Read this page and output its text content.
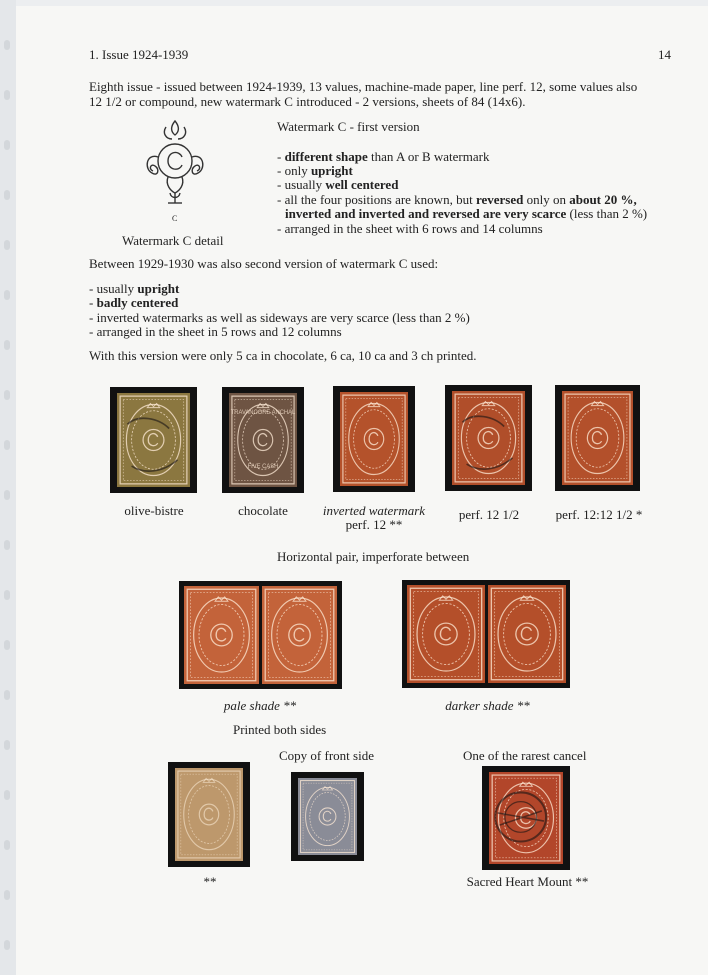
1. Issue 1924-1939	14
Eighth issue - issued between 1924-1939, 13 values, machine-made paper, line perf. 12, some values also
12 1/2 or compound, new watermark C introduced - 2 versions, sheets of 84 (14x6).
C
Watermark C detail
Watermark C - first version
- different shape than A or B watermark
- only upright
- usually well centered
- all the four positions are known, but reversed only on about 20 %,
inverted and inverted and reversed are very scarce (less than 2 %)
- arranged in the sheet with 6 rows and 14 columns
Between 1929-1930 was also second version of watermark C used:
- usually upright
- badly centered
- inverted watermarks as well as sideways are very scarce (less than 2 %)
- arranged in the sheet in 5 rows and 12 columns
With this version were only 5 ca in chocolate, 6 ca, 10 ca and 3 ch printed.
TRAVANCORE ANCHAL
FIVE CASH
olive-bistre	chocolate	inverted watermark
perf. 12 **
perf. 12 1/2	perf. 12:12 1/2 *
Horizontal pair, imperforate between
pale shade **	darker shade **
Printed both sides
Copy of front side	One of the rarest cancel
**	Sacred Heart Mount **
